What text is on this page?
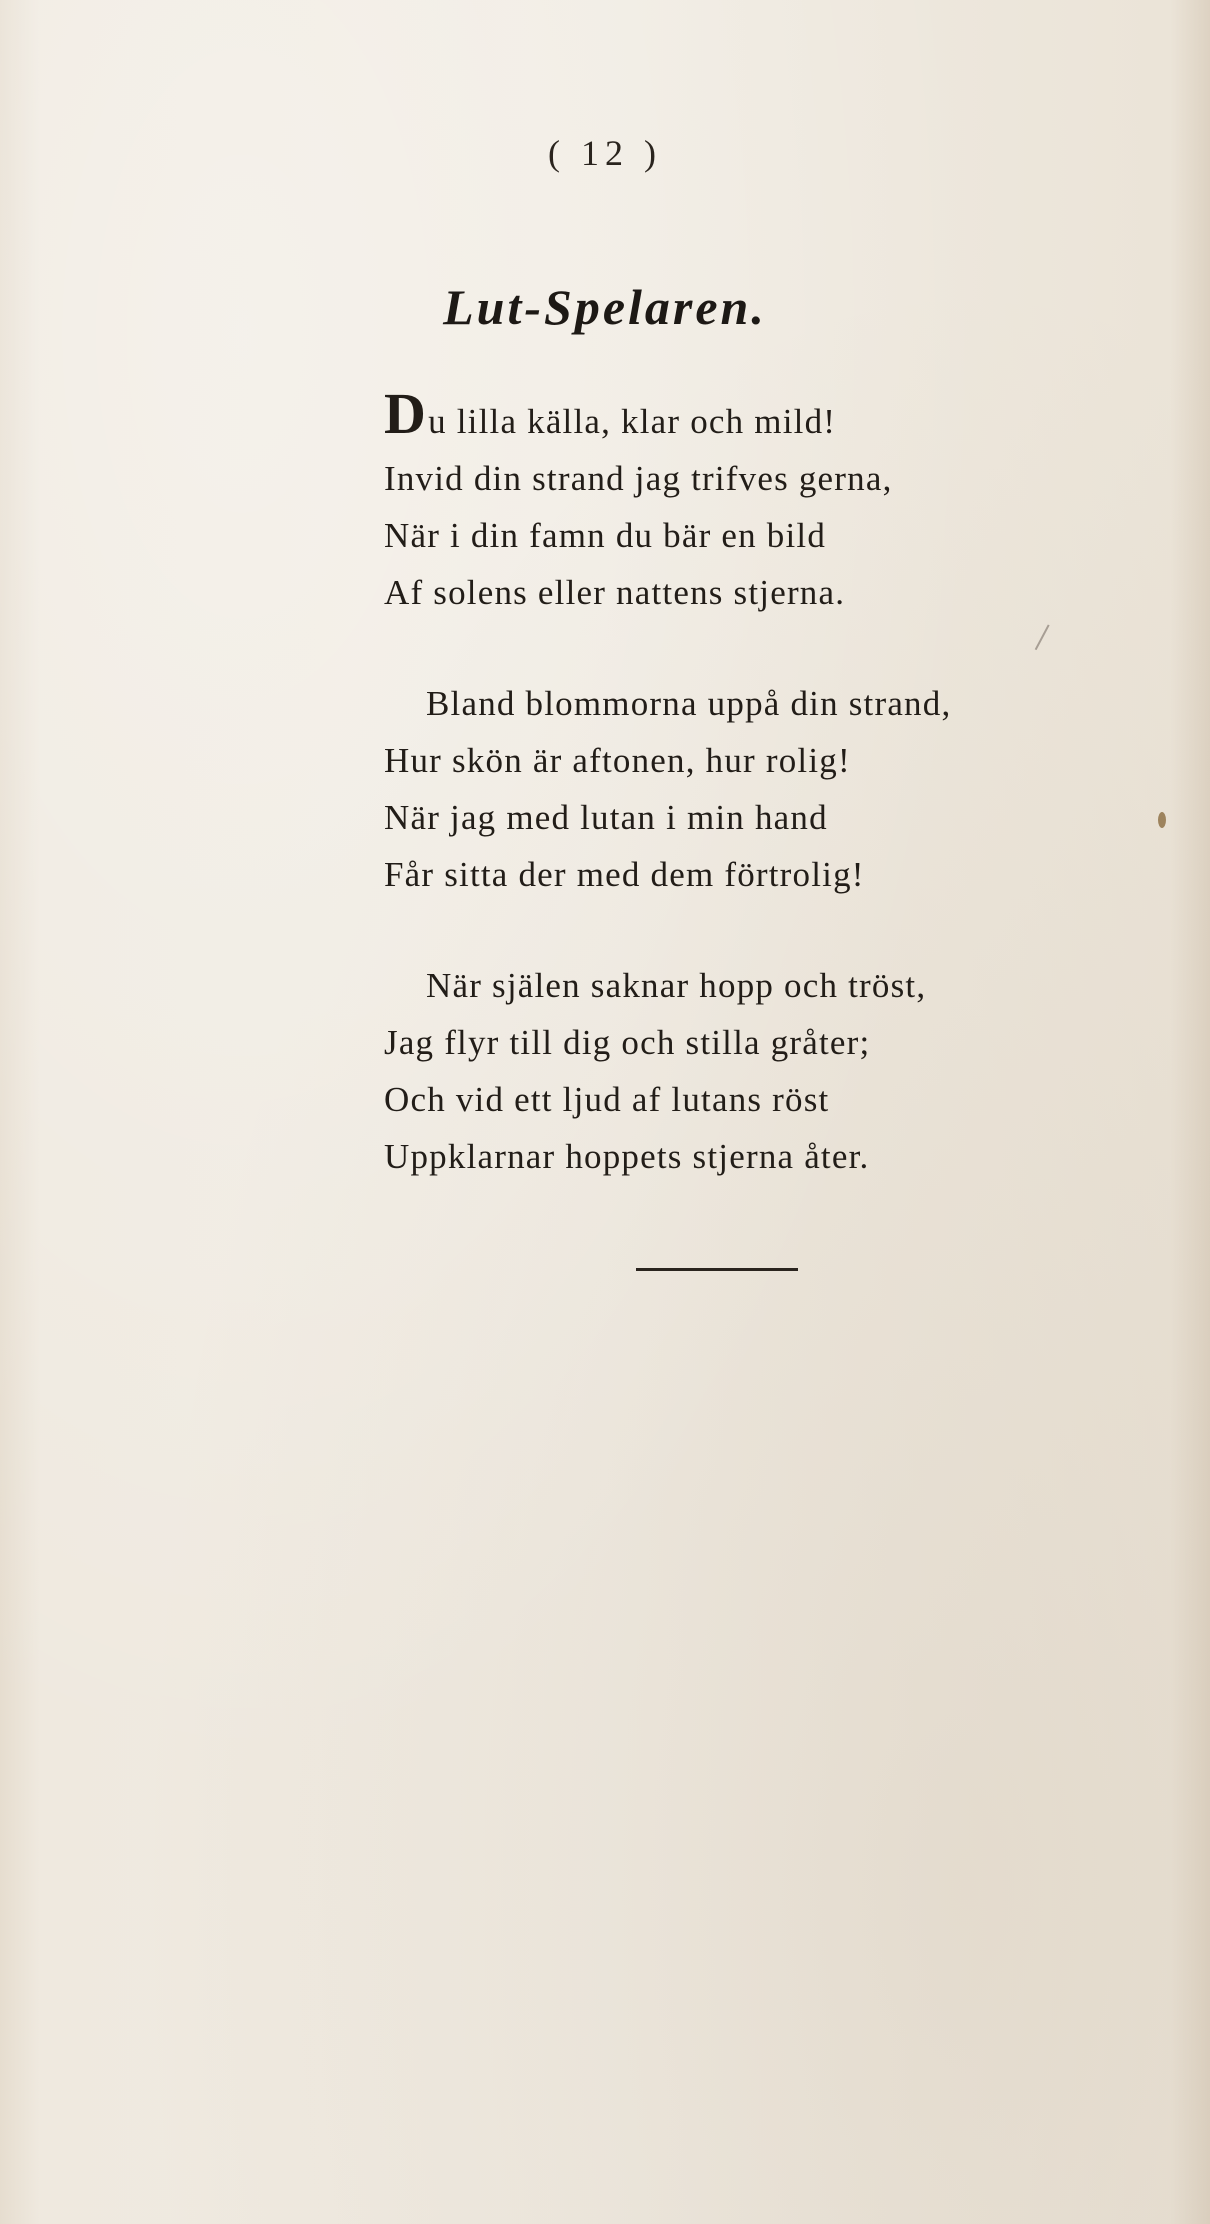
( 12 )
Lut-Spelaren.
Du lilla källa, klar och mild!
Invid din strand jag trifves gerna,
När i din famn du bär en bild
Af solens eller nattens stjerna.
Bland blommorna uppå din strand,
Hur skön är aftonen, hur rolig!
När jag med lutan i min hand
Får sitta der med dem förtrolig!
När själen saknar hopp och tröst,
Jag flyr till dig och stilla gråter;
Och vid ett ljud af lutans röst
Uppklarnar hoppets stjerna åter.
